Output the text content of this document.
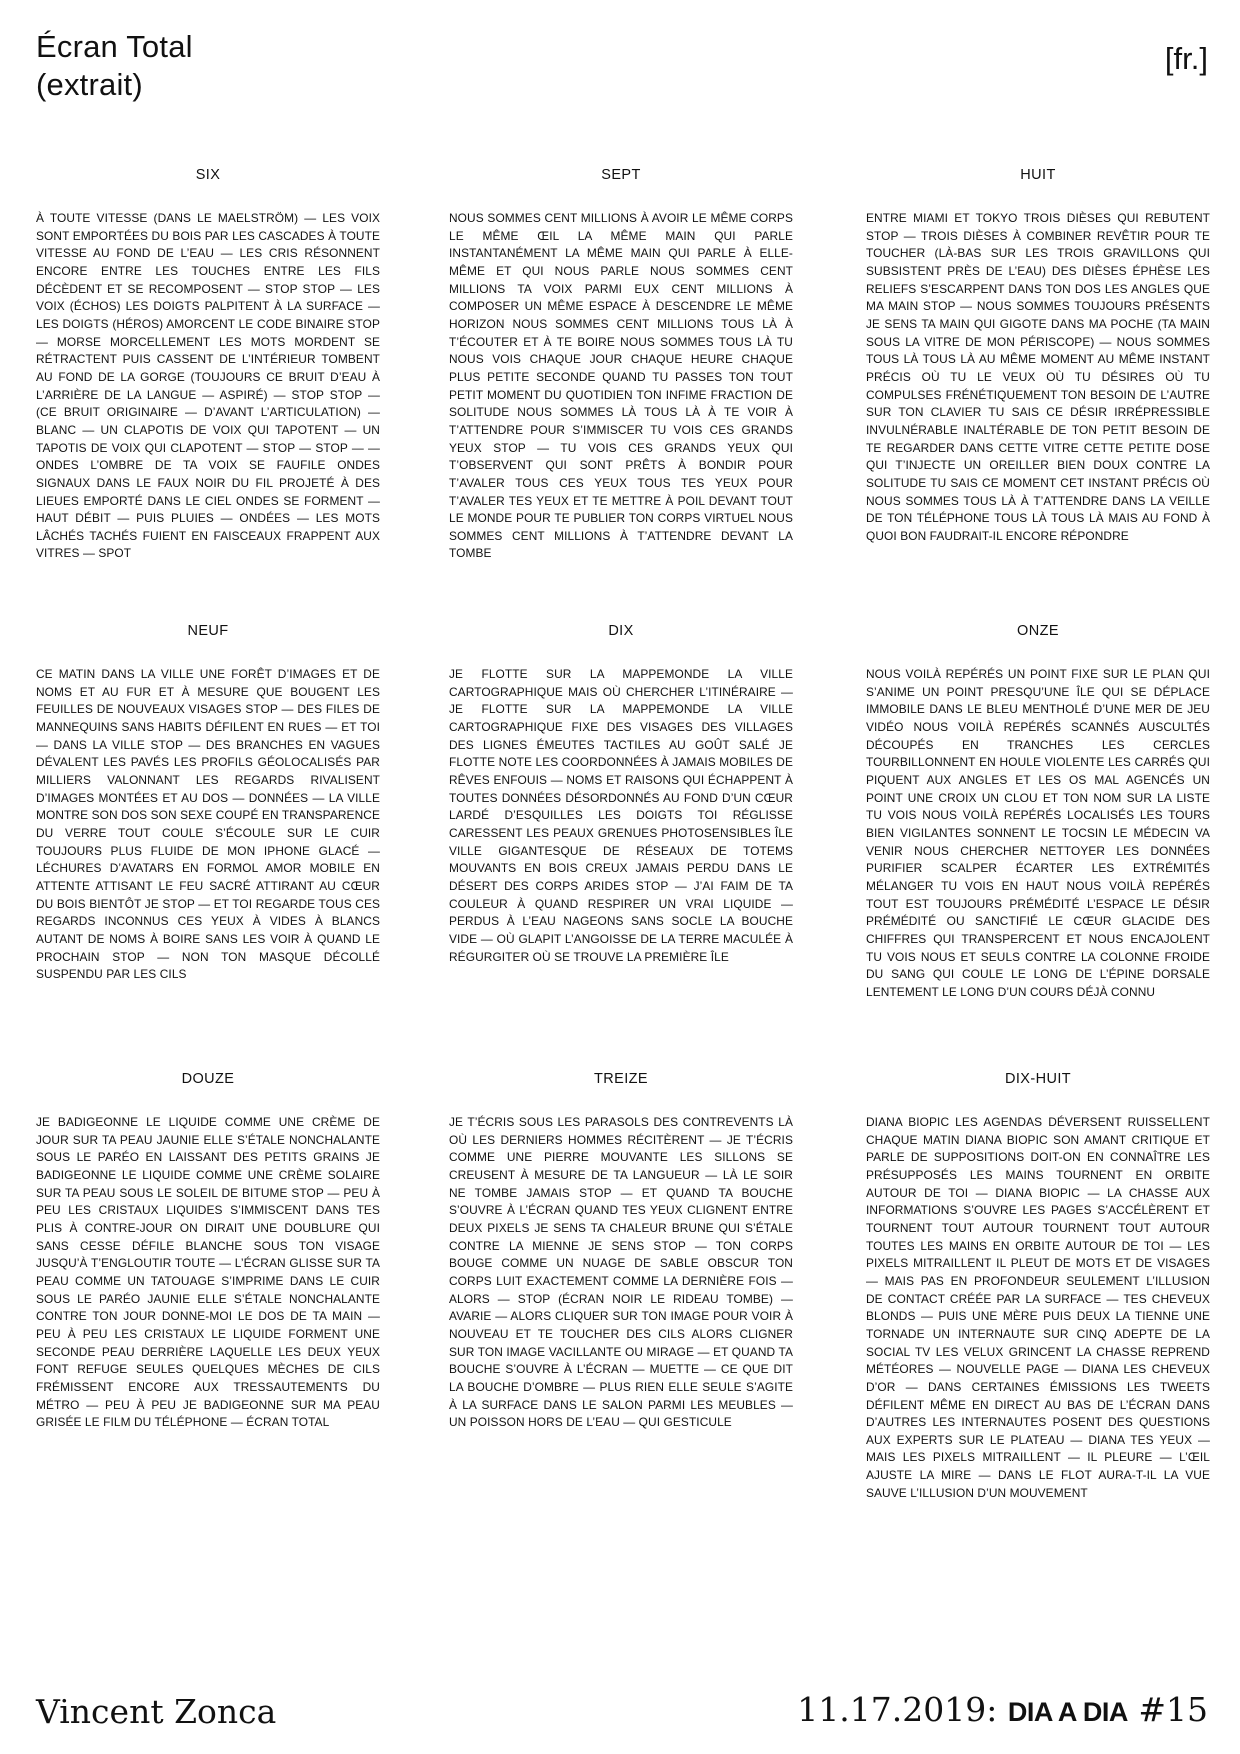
Écran Total
(extrait)
[fr.]
SIX

À TOUTE VITESSE (DANS LE MAELSTRÖM) — LES VOIX SONT EMPORTÉES DU BOIS PAR LES CASCADES À TOUTE VITESSE AU FOND DE L’EAU — LES CRIS RÉSONNENT ENCORE ENTRE LES TOUCHES ENTRE LES FILS DÉCÈDENT ET SE RECOMPOSENT — STOP STOP — LES VOIX (ÉCHOS) LES DOIGTS PALPITENT À LA SURFACE — LES DOIGTS (HÉROS) AMORCENT LE CODE BINAIRE STOP — MORSE MORCELLEMENT LES MOTS MORDENT SE RÉTRACTENT PUIS CASSENT DE L’INTÉRIEUR TOMBENT AU FOND DE LA GORGE (TOUJOURS CE BRUIT D’EAU À L’ARRIÈRE DE LA LANGUE — ASPIRÉ) — STOP STOP — (CE BRUIT ORIGINAIRE — D’AVANT L’ARTICULATION) — BLANC — UN CLAPOTIS DE VOIX QUI TAPOTENT — UN TAPOTIS DE VOIX QUI CLAPOTENT — STOP — STOP — — ONDES L’OMBRE DE TA VOIX SE FAUFILE ONDES SIGNAUX DANS LE FAUX NOIR DU FIL PROJETÉ À DES LIEUES EMPORTÉ DANS LE CIEL ONDES SE FORMENT — HAUT DÉBIT — PUIS PLUIES — ONDÉES — LES MOTS LÂCHÉS TACHÉS FUIENT EN FAISCEAUX FRAPPENT AUX VITRES — SPOT

SEPT

NOUS SOMMES CENT MILLIONS À AVOIR LE MÊME CORPS LE MÊME ŒIL LA MÊME MAIN QUI PARLE INSTANTANÉMENT LA MÊME MAIN QUI PARLE À ELLE-MÊME ET QUI NOUS PARLE NOUS SOMMES CENT MILLIONS TA VOIX PARMI EUX CENT MILLIONS À COMPOSER UN MÊME ESPACE À DESCENDRE LE MÊME HORIZON NOUS SOMMES CENT MILLIONS TOUS LÀ À T’ÉCOUTER ET À TE BOIRE NOUS SOMMES TOUS LÀ TU NOUS VOIS CHAQUE JOUR CHAQUE HEURE CHAQUE PLUS PETITE SECONDE QUAND TU PASSES TON TOUT PETIT MOMENT DU QUOTIDIEN TON INFIME FRACTION DE SOLITUDE NOUS SOMMES LÀ TOUS LÀ À TE VOIR À T’ATTENDRE POUR S’IMMISCER TU VOIS CES GRANDS YEUX STOP — TU VOIS CES GRANDS YEUX QUI T’OBSERVENT QUI SONT PRÊTS À BONDIR POUR T’AVALER TOUS CES YEUX TOUS TES YEUX POUR T’AVALER TES YEUX ET TE METTRE À POIL DEVANT TOUT LE MONDE POUR TE PUBLIER TON CORPS VIRTUEL NOUS SOMMES CENT MILLIONS À T’ATTENDRE DEVANT LA TOMBE

HUIT

ENTRE MIAMI ET TOKYO TROIS DIÈSES QUI REBUTENT STOP — TROIS DIÈSES À COMBINER REVÊTIR POUR TE TOUCHER (LÀ-BAS SUR LES TROIS GRAVILLONS QUI SUBSISTENT PRÈS DE L’EAU) DES DIÈSES ÉPHÈSE LES RELIEFS S’ESCARPENT DANS TON DOS LES ANGLES QUE MA MAIN STOP — NOUS SOMMES TOUJOURS PRÉSENTS JE SENS TA MAIN QUI GIGOTE DANS MA POCHE (TA MAIN SOUS LA VITRE DE MON PÉRISCOPE) — NOUS SOMMES TOUS LÀ TOUS LÀ AU MÊME MOMENT AU MÊME INSTANT PRÉCIS OÙ TU LE VEUX OÙ TU DÉSIRES OÙ TU COMPULSES FRÉNÉTIQUEMENT TON BESOIN DE L’AUTRE SUR TON CLAVIER TU SAIS CE DÉSIR IRRÉPRESSIBLE INVULNÉRABLE INALTÉRABLE DE TON PETIT BESOIN DE TE REGARDER DANS CETTE VITRE CETTE PETITE DOSE QUI T’INJECTE UN OREILLER BIEN DOUX CONTRE LA SOLITUDE TU SAIS CE MOMENT CET INSTANT PRÉCIS OÙ NOUS SOMMES TOUS LÀ À T’ATTENDRE DANS LA VEILLE DE TON TÉLÉPHONE TOUS LÀ TOUS LÀ MAIS AU FOND À QUOI BON FAUDRAIT-IL ENCORE RÉPONDRE

NEUF

CE MATIN DANS LA VILLE UNE FORÊT D’IMAGES ET DE NOMS ET AU FUR ET À MESURE QUE BOUGENT LES FEUILLES DE NOUVEAUX VISAGES STOP — DES FILES DE MANNEQUINS SANS HABITS DÉFILENT EN RUES — ET TOI — DANS LA VILLE STOP — DES BRANCHES EN VAGUES DÉVALENT LES PAVÉS LES PROFILS GÉOLOCALISÉS PAR MILLIERS VALONNANT LES REGARDS RIVALISENT D’IMAGES MONTÉES ET AU DOS — DONNÉES — LA VILLE MONTRE SON DOS SON SEXE COUPÉ EN TRANSPARENCE DU VERRE TOUT COULE S’ÉCOULE SUR LE CUIR TOUJOURS PLUS FLUIDE DE MON IPHONE GLACÉ — LÉCHURES D’AVATARS EN FORMOL AMOR MOBILE EN ATTENTE ATTISANT LE FEU SACRÉ ATTIRANT AU CŒUR DU BOIS BIENTÔT JE STOP — ET TOI REGARDE TOUS CES REGARDS INCONNUS CES YEUX À VIDES À BLANCS AUTANT DE NOMS À BOIRE SANS LES VOIR À QUAND LE PROCHAIN STOP — NON TON MASQUE DÉCOLLÉ SUSPENDU PAR LES CILS

DIX

JE FLOTTE SUR LA MAPPEMONDE LA VILLE CARTOGRAPHIQUE MAIS OÙ CHERCHER L’ITINÉRAIRE — JE FLOTTE SUR LA MAPPEMONDE LA VILLE CARTOGRAPHIQUE FIXE DES VISAGES DES VILLAGES DES LIGNES ÉMEUTES TACTILES AU GOÛT SALÉ JE FLOTTE NOTE LES COORDONNÉES À JAMAIS MOBILES DE RÊVES ENFOUIS — NOMS ET RAISONS QUI ÉCHAPPENT À TOUTES DONNÉES DÉSORDONNÉS AU FOND D’UN CŒUR LARDÉ D’ESQUILLES LES DOIGTS TOI RÉGLISSE CARESSENT LES PEAUX GRENUES PHOTOSENSIBLES ÎLE VILLE GIGANTESQUE DE RÉSEAUX DE TOTEMS MOUVANTS EN BOIS CREUX JAMAIS PERDU DANS LE DÉSERT DES CORPS ARIDES STOP — J’AI FAIM DE TA COULEUR À QUAND RESPIRER UN VRAI LIQUIDE — PERDUS À L’EAU NAGEONS SANS SOCLE LA BOUCHE VIDE — OÙ GLAPIT L’ANGOISSE DE LA TERRE MACULÉE À RÉGURGITER OÙ SE TROUVE LA PREMIÈRE ÎLE

ONZE

NOUS VOILÀ REPÉRÉS UN POINT FIXE SUR LE PLAN QUI S’ANIME UN POINT PRESQU’UNE ÎLE QUI SE DÉPLACE IMMOBILE DANS LE BLEU MENTHOLÉ D’UNE MER DE JEU VIDÉO NOUS VOILÀ REPÉRÉS SCANNÉS AUSCULTÉS DÉCOUPÉS EN TRANCHES LES CERCLES TOURBILLONNENT EN HOULE VIOLENTE LES CARRÉS QUI PIQUENT AUX ANGLES ET LES OS MAL AGENCÉS UN POINT UNE CROIX UN CLOU ET TON NOM SUR LA LISTE TU VOIS NOUS VOILÀ REPÉRÉS LOCALISÉS LES TOURS BIEN VIGILANTES SONNENT LE TOCSIN LE MÉDECIN VA VENIR NOUS CHERCHER NETTOYER LES DONNÉES PURIFIER SCALPER ÉCARTER LES EXTRÉMITÉS MÉLANGER TU VOIS EN HAUT NOUS VOILÀ REPÉRÉS TOUT EST TOUJOURS PRÉMÉDITÉ L’ESPACE LE DÉSIR PRÉMÉDITÉ OU SANCTIFIÉ LE CŒUR GLACIDE DES CHIFFRES QUI TRANSPERCENT ET NOUS ENCAJOLENT TU VOIS NOUS ET SEULS CONTRE LA COLONNE FROIDE DU SANG QUI COULE LE LONG DE L’ÉPINE DORSALE LENTEMENT LE LONG D’UN COURS DÉJÀ CONNU

DOUZE

JE BADIGEONNE LE LIQUIDE COMME UNE CRÈME DE JOUR SUR TA PEAU JAUNIE ELLE S’ÉTALE NONCHALANTE SOUS LE PARÉO EN LAISSANT DES PETITS GRAINS JE BADIGEONNE LE LIQUIDE COMME UNE CRÈME SOLAIRE SUR TA PEAU SOUS LE SOLEIL DE BITUME STOP — PEU À PEU LES CRISTAUX LIQUIDES S’IMMISCENT DANS TES PLIS À CONTRE-JOUR ON DIRAIT UNE DOUBLURE QUI SANS CESSE DÉFILE BLANCHE SOUS TON VISAGE JUSQU’À T’ENGLOUTIR TOUTE — L’ÉCRAN GLISSE SUR TA PEAU COMME UN TATOUAGE S’IMPRIME DANS LE CUIR SOUS LE PARÉO JAUNIE ELLE S’ÉTALE NONCHALANTE CONTRE TON JOUR DONNE-MOI LE DOS DE TA MAIN — PEU À PEU LES CRISTAUX LE LIQUIDE FORMENT UNE SECONDE PEAU DERRIÈRE LAQUELLE LES DEUX YEUX FONT REFUGE SEULES QUELQUES MÈCHES DE CILS FRÉMISSENT ENCORE AUX TRESSAUTEMENTS DU MÉTRO — PEU À PEU JE BADIGEONNE SUR MA PEAU GRISÉE LE FILM DU TÉLÉPHONE — ÉCRAN TOTAL

TREIZE

JE T’ÉCRIS SOUS LES PARASOLS DES CONTREVENTS LÀ OÙ LES DERNIERS HOMMES RÉCITÈRENT — JE T’ÉCRIS COMME UNE PIERRE MOUVANTE LES SILLONS SE CREUSENT À MESURE DE TA LANGUEUR — LÀ LE SOIR NE TOMBE JAMAIS STOP — ET QUAND TA BOUCHE S’OUVRE À L’ÉCRAN QUAND TES YEUX CLIGNENT ENTRE DEUX PIXELS JE SENS TA CHALEUR BRUNE QUI S’ÉTALE CONTRE LA MIENNE JE SENS STOP — TON CORPS BOUGE COMME UN NUAGE DE SABLE OBSCUR TON CORPS LUIT EXACTEMENT COMME LA DERNIÈRE FOIS — ALORS — STOP (ÉCRAN NOIR LE RIDEAU TOMBE) — AVARIE — ALORS CLIQUER SUR TON IMAGE POUR VOIR À NOUVEAU ET TE TOUCHER DES CILS ALORS CLIGNER SUR TON IMAGE VACILLANTE OU MIRAGE — ET QUAND TA BOUCHE S’OUVRE À L’ÉCRAN — MUETTE — CE QUE DIT LA BOUCHE D’OMBRE — PLUS RIEN ELLE SEULE S’AGITE À LA SURFACE DANS LE SALON PARMI LES MEUBLES — UN POISSON HORS DE L’EAU — QUI GESTICULE

DIX-HUIT

DIANA BIOPIC LES AGENDAS DÉVERSENT RUISSELLENT CHAQUE MATIN DIANA BIOPIC SON AMANT CRITIQUE ET PARLE DE SUPPOSITIONS DOIT-ON EN CONNAÎTRE LES PRÉSUPPOSÉS LES MAINS TOURNENT EN ORBITE AUTOUR DE TOI — DIANA BIOPIC — LA CHASSE AUX INFORMATIONS S’OUVRE LES PAGES S’ACCÉLÈRENT ET TOURNENT TOUT AUTOUR TOURNENT TOUT AUTOUR TOUTES LES MAINS EN ORBITE AUTOUR DE TOI — LES PIXELS MITRAILLENT IL PLEUT DE MOTS ET DE VISAGES — MAIS PAS EN PROFONDEUR SEULEMENT L’ILLUSION DE CONTACT CRÉÉE PAR LA SURFACE — TES CHEVEUX BLONDS — PUIS UNE MÈRE PUIS DEUX LA TIENNE UNE TORNADE UN INTERNAUTE SUR CINQ ADEPTE DE LA SOCIAL TV LES VELUX GRINCENT LA CHASSE REPREND MÉTÉORES — NOUVELLE PAGE — DIANA LES CHEVEUX D’OR — DANS CERTAINES ÉMISSIONS LES TWEETS DÉFILENT MÊME EN DIRECT AU BAS DE L’ÉCRAN DANS D’AUTRES LES INTERNAUTES POSENT DES QUESTIONS AUX EXPERTS SUR LE PLATEAU — DIANA TES YEUX — MAIS LES PIXELS MITRAILLENT — IL PLEURE — L’ŒIL AJUSTE LA MIRE — DANS LE FLOT AURA-T-IL LA VUE SAUVE L’ILLUSION D’UN MOUVEMENT

Vincent Zonca	11.17.2019: DIA A DIA #15
